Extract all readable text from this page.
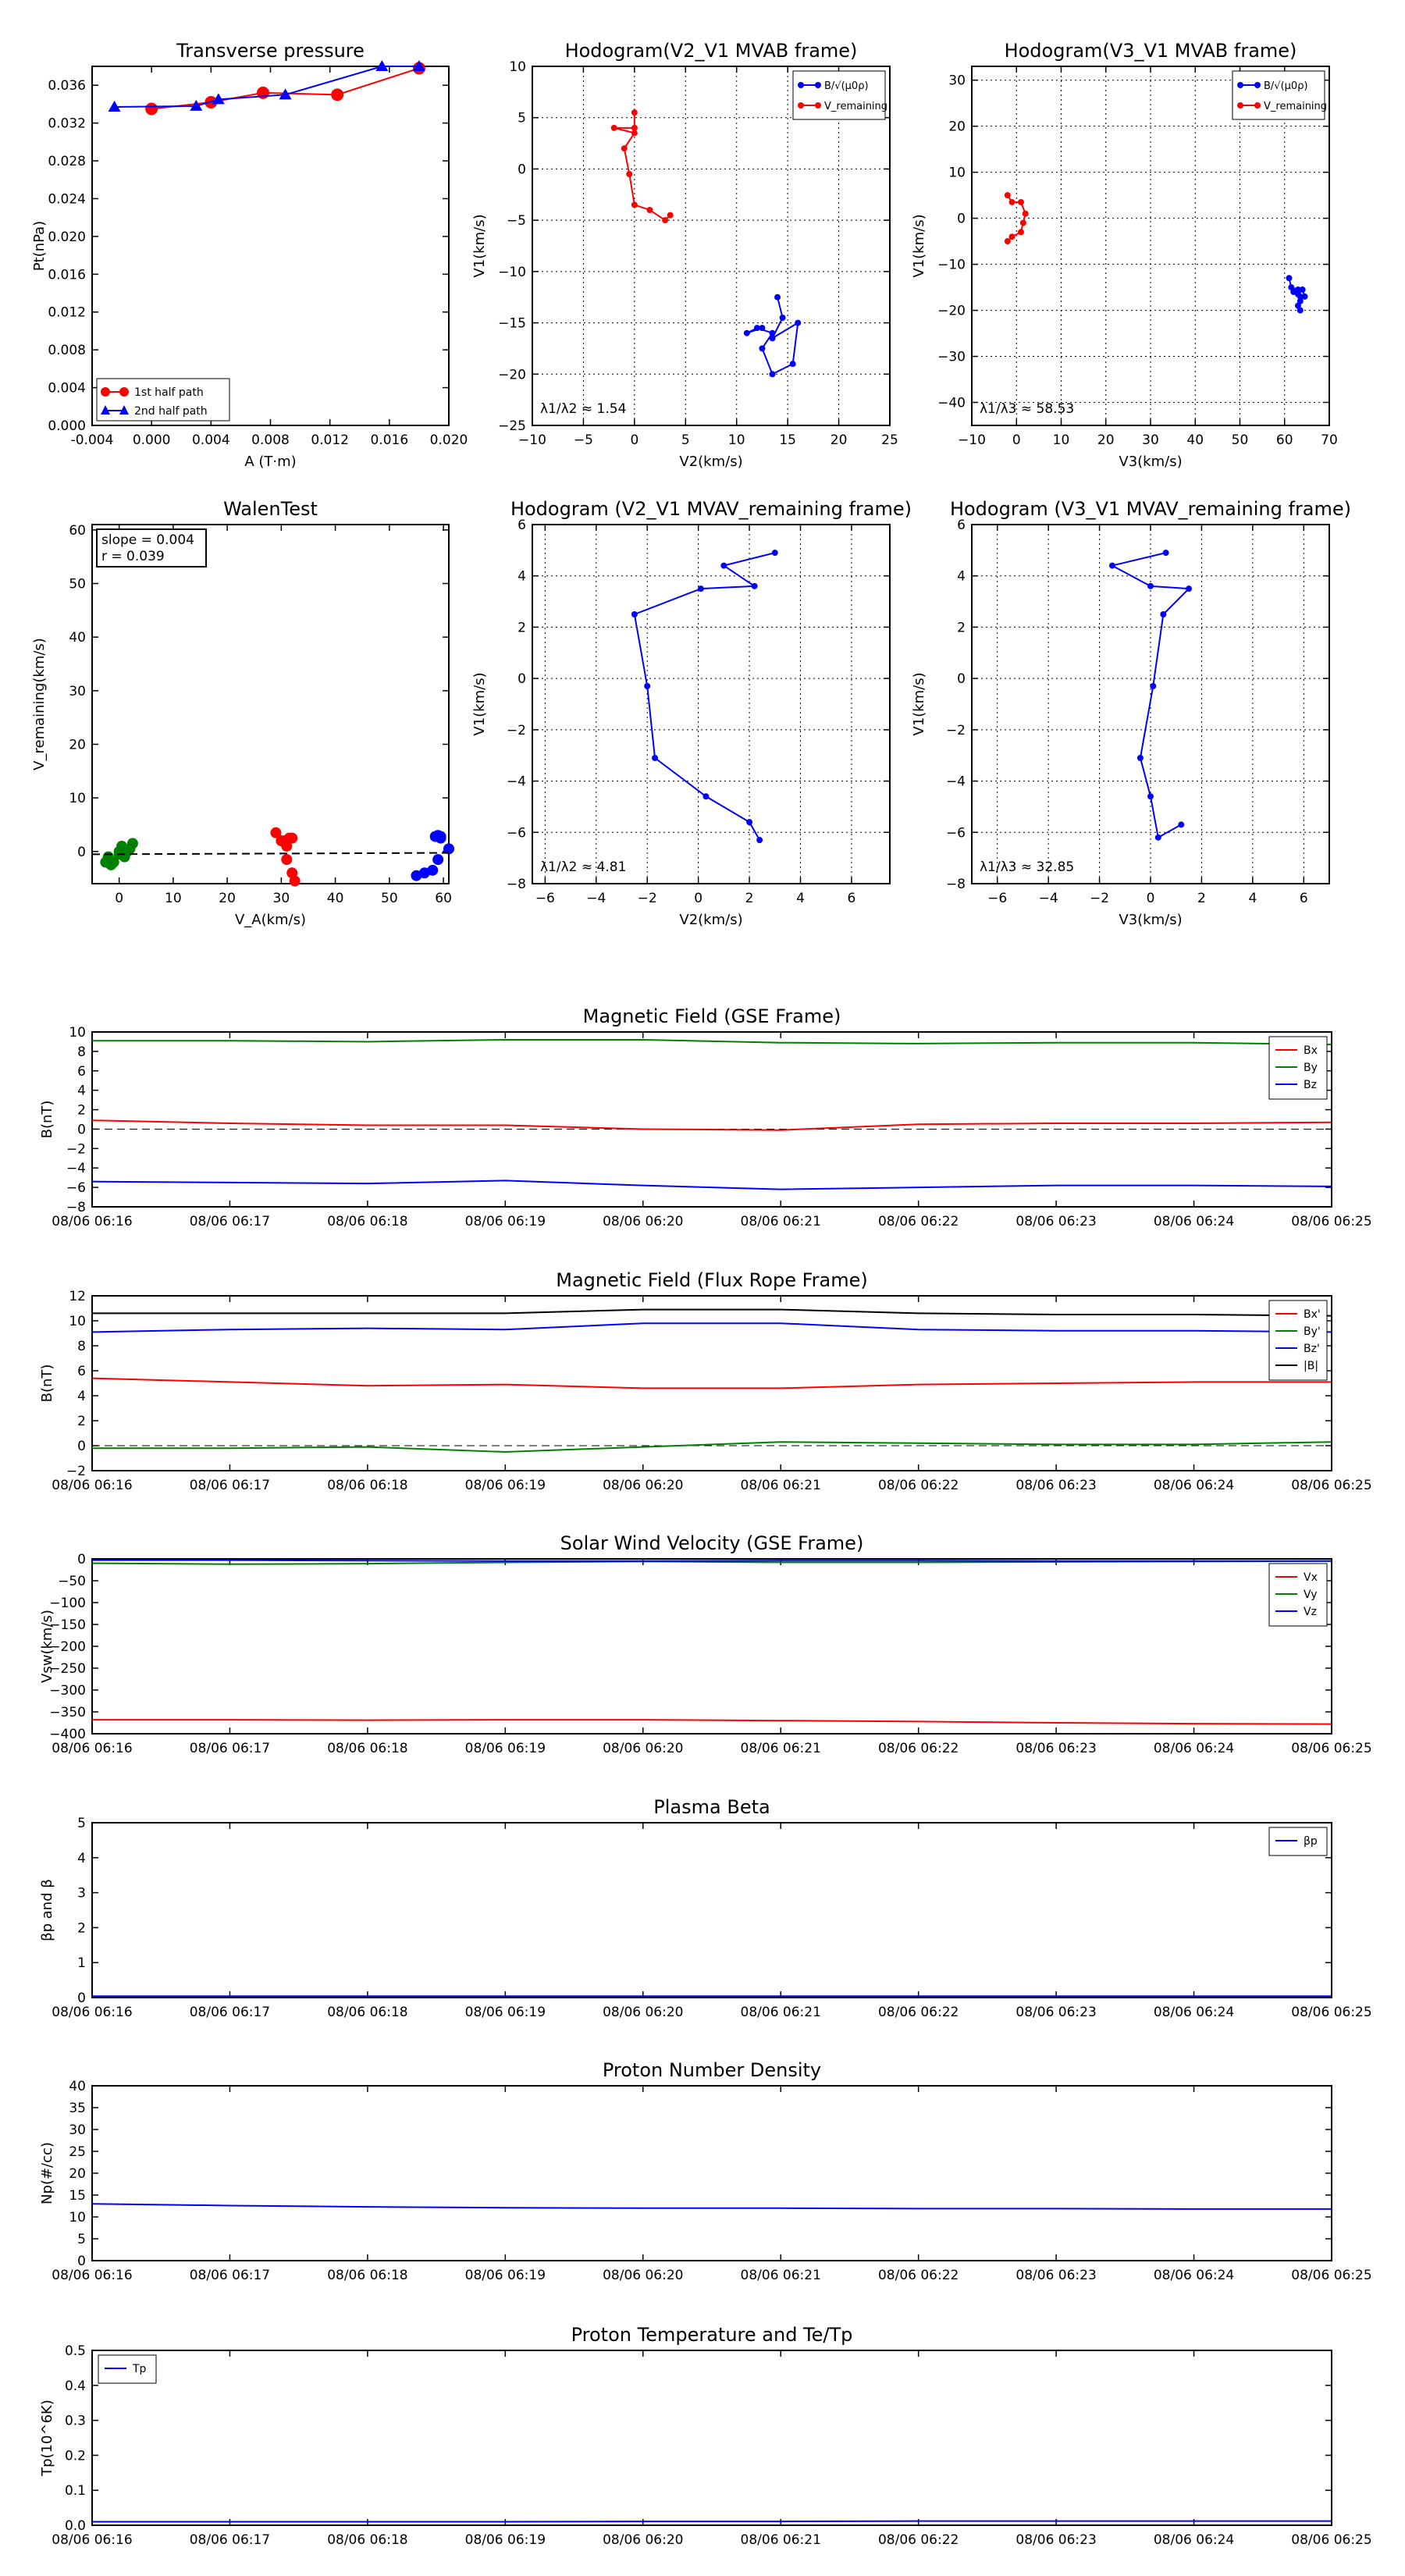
Transverse pressure
0.000
0.004
0.008
0.012
0.016
0.020
0.024
0.028
0.032
0.036
-0.004 0.000 0.004 0.008 0.012 0.016 0.020
A (T·m)
Pt(nPa)
1st half path
2nd half path
Hodogram(V2_V1 MVAB frame)
−25
−20
−15
−10
−5
0
5
10
−10 −5	0	5	10	15	20	25
V2(km/s)
V1(km/s)
B/√(μ0ρ)
V_remaining
λ1/λ2 ≈ 1.54
Hodogram(V3_V1 MVAB frame)
−40
−30
−20
−10
0
10
20
30
−10 0 10 20 30 40 50 60 70
V3(km/s)
V1(km/s)
B/√(μ0ρ)
V_remaining
λ1/λ3 ≈ 58.53
WalenTest
0
10
20
30
40
50
60
0	10	20	30	40	50	60
V_A(km/s)
V_remaining(km/s)
slope = 0.004
r = 0.039
Hodogram (V2_V1 MVAV_remaining frame)
−8
−6
−4
−2
0
2
4
6
−6 −4 −2	0	2	4	6
V2(km/s)
V1(km/s)
λ1/λ2 ≈ 4.81
Hodogram (V3_V1 MVAV_remaining frame)
−8
−6
−4
−2
0
2
4
6
−6 −4 −2	0	2	4	6
V3(km/s)
V1(km/s)
λ1/λ3 ≈ 32.85
Magnetic Field (GSE Frame)
−8
−6
−4
−2
0
2
4
6
8
10
B(nT)
08/06 06:16	08/06 06:17	08/06 06:18	08/06 06:19	08/06 06:20	08/06 06:21	08/06 06:22	08/06 06:23	08/06 06:24	08/06 06:25
Bx
By
Bz
Magnetic Field (Flux Rope Frame)
−2
0
2
4
6
8
10
12
B(nT)
08/06 06:16	08/06 06:17	08/06 06:18	08/06 06:19	08/06 06:20	08/06 06:21	08/06 06:22	08/06 06:23	08/06 06:24	08/06 06:25
Bx'
By'
Bz'
|B|
Solar Wind Velocity (GSE Frame)
−400
−350
−300
−250
−200
−150
−100
−50
0
Vsw(km/s)
08/06 06:16	08/06 06:17	08/06 06:18	08/06 06:19	08/06 06:20	08/06 06:21	08/06 06:22	08/06 06:23	08/06 06:24	08/06 06:25
Vx
Vy
Vz
Plasma Beta
0
1
2
3
4
5
βp and β
08/06 06:16	08/06 06:17	08/06 06:18	08/06 06:19	08/06 06:20	08/06 06:21	08/06 06:22	08/06 06:23	08/06 06:24	08/06 06:25
βp
Proton Number Density
0
5
10
15
20
25
30
35
40
Np(#/cc)
08/06 06:16	08/06 06:17	08/06 06:18	08/06 06:19	08/06 06:20	08/06 06:21	08/06 06:22	08/06 06:23	08/06 06:24	08/06 06:25
Proton Temperature and Te/Tp
0.0
0.1
0.2
0.3
0.4
0.5
Tp(10^6K)
08/06 06:16	08/06 06:17	08/06 06:18	08/06 06:19	08/06 06:20	08/06 06:21	08/06 06:22	08/06 06:23	08/06 06:24	08/06 06:25
Tp
